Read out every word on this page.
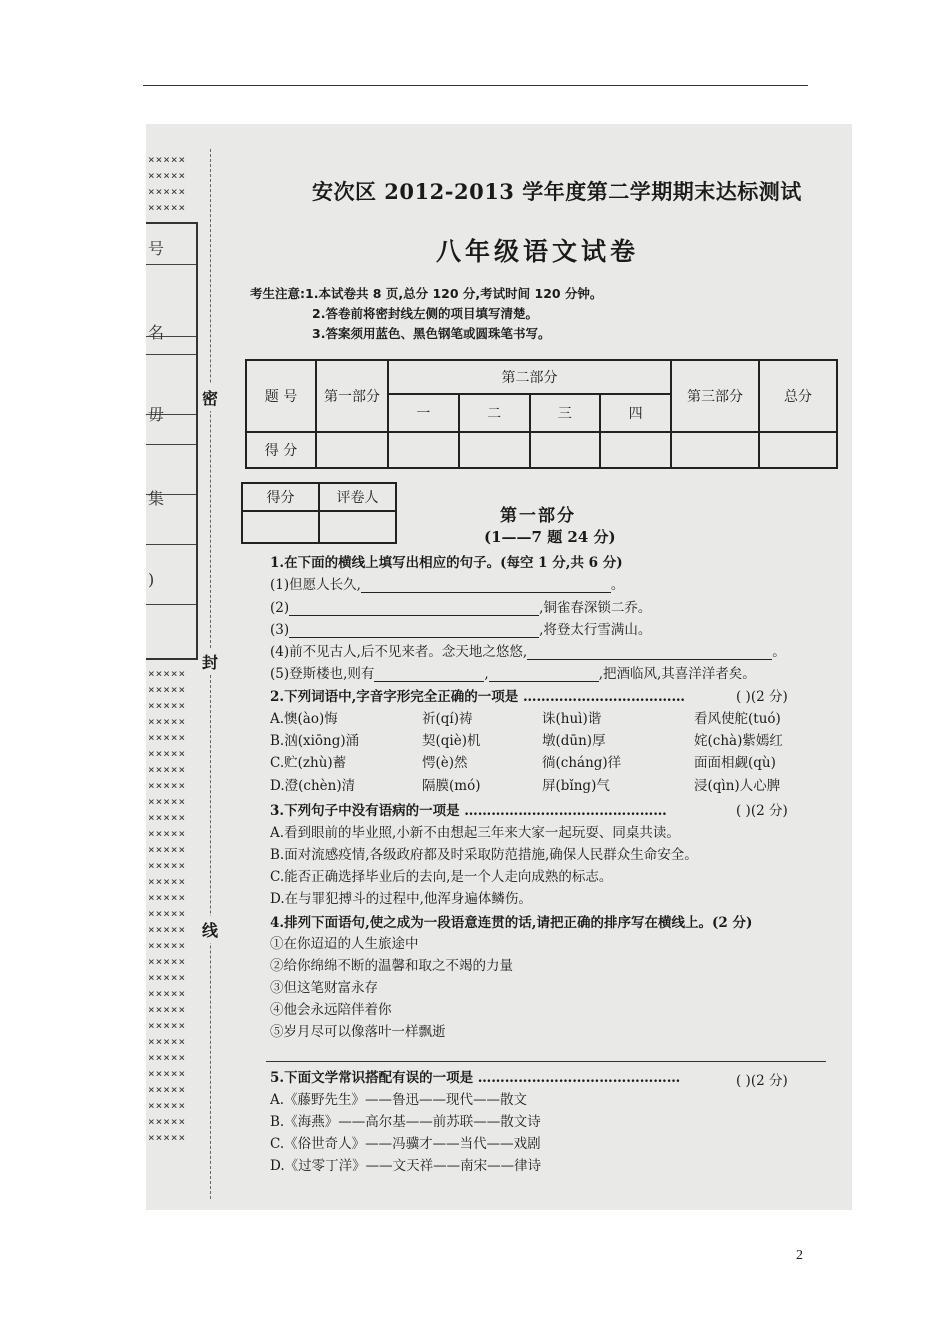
×××××
×××××
×××××
×××××
号
名
毋
集
)
×××××
×××××
×××××
×××××
×××××
×××××
×××××
×××××
×××××
×××××
×××××
×××××
×××××
×××××
×××××
×××××
×××××
×××××
×××××
×××××
×××××
×××××
×××××
×××××
×××××
×××××
×××××
×××××
×××××
×××××
密
封
线
安次区 2012-2013 学年度第二学期期末达标测试
八年级语文试卷
考生注意:1.本试卷共 8 页,总分 120 分,考试时间 120 分钟。
2.答卷前将密封线左侧的项目填写清楚。
3.答案须用蓝色、黑色钢笔或圆珠笔书写。
题 号	第一部分	第二部分				第三部分	总分
		一	二	三	四		
得 分							
得分	评卷人

第一部分
(1——7 题 24 分)
1.在下面的横线上填写出相应的句子。(每空 1 分,共 6 分)
(1)但愿人长久,	。
(2)	,铜雀春深锁二乔。
(3)	,将登太行雪满山。
(4)前不见古人,后不见来者。念天地之悠悠,	。
(5)登斯楼也,则有	,	,把酒临风,其喜洋洋者矣。
2.下列词语中,字音字形完全正确的一项是 ………………………………	( )(2 分)
A.懊(ào)悔	祈(qí)祷	诛(huì)谐	看风使舵(tuó)
B.汹(xiōng)涌	契(qiè)机	墩(dūn)厚	姹(chà)紫嫣红
C.贮(zhù)蓄	愕(è)然	徜(cháng)徉	面面相觑(qù)
D.澄(chèn)清	隔膜(mó)	屏(bǐng)气	浸(qìn)人心脾
3.下列句子中没有语病的一项是 ………………………………………	( )(2 分)
A.看到眼前的毕业照,小新不由想起三年来大家一起玩耍、同桌共读。
B.面对流感疫情,各级政府都及时采取防范措施,确保人民群众生命安全。
C.能否正确选择毕业后的去向,是一个人走向成熟的标志。
D.在与罪犯搏斗的过程中,他浑身遍体鳞伤。
4.排列下面语句,使之成为一段语意连贯的话,请把正确的排序写在横线上。(2 分)
①在你迢迢的人生旅途中
②给你绵绵不断的温馨和取之不竭的力量
③但这笔财富永存
④他会永远陪伴着你
⑤岁月尽可以像落叶一样飘逝
5.下面文学常识搭配有误的一项是 ………………………………………	( )(2 分)
A.《藤野先生》——鲁迅——现代——散文
B.《海燕》——高尔基——前苏联——散文诗
C.《俗世奇人》——冯骥才——当代——戏剧
D.《过零丁洋》——文天祥——南宋——律诗
2
